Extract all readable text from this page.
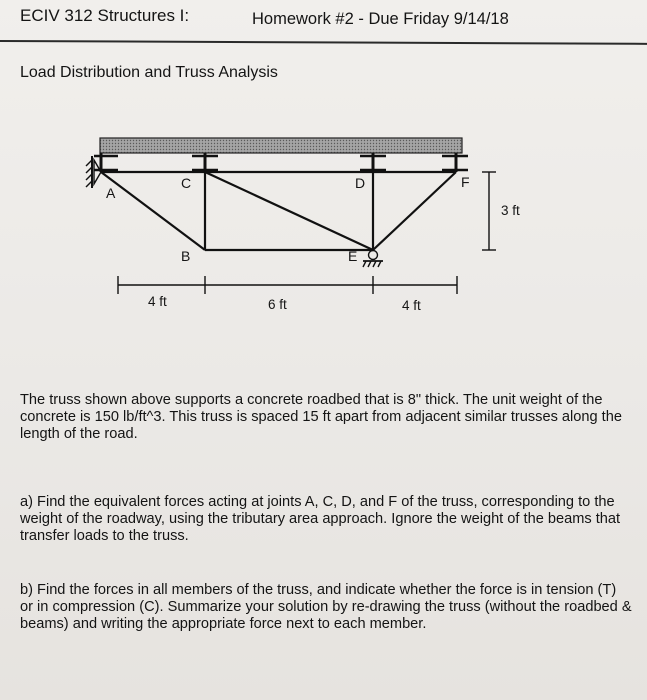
ECIV 312 Structures I:	Homework #2 - Due Friday 9/14/18
Load Distribution and Truss Analysis
A
B
C	D
E
F
3 ft
4 ft	6 ft	4 ft
The truss shown above supports a concrete roadbed that is 8" thick. The unit weight of the concrete is 150 lb/ft^3. This truss is spaced 15 ft apart from adjacent similar trusses along the length of the road.
a) Find the equivalent forces acting at joints A, C, D, and F of the truss, corresponding to the weight of the roadway, using the tributary area approach. Ignore the weight of the beams that transfer loads to the truss.
b) Find the forces in all members of the truss, and indicate whether the force is in tension (T) or in compression (C). Summarize your solution by re-drawing the truss (without the roadbed & beams) and writing the appropriate force next to each member.
